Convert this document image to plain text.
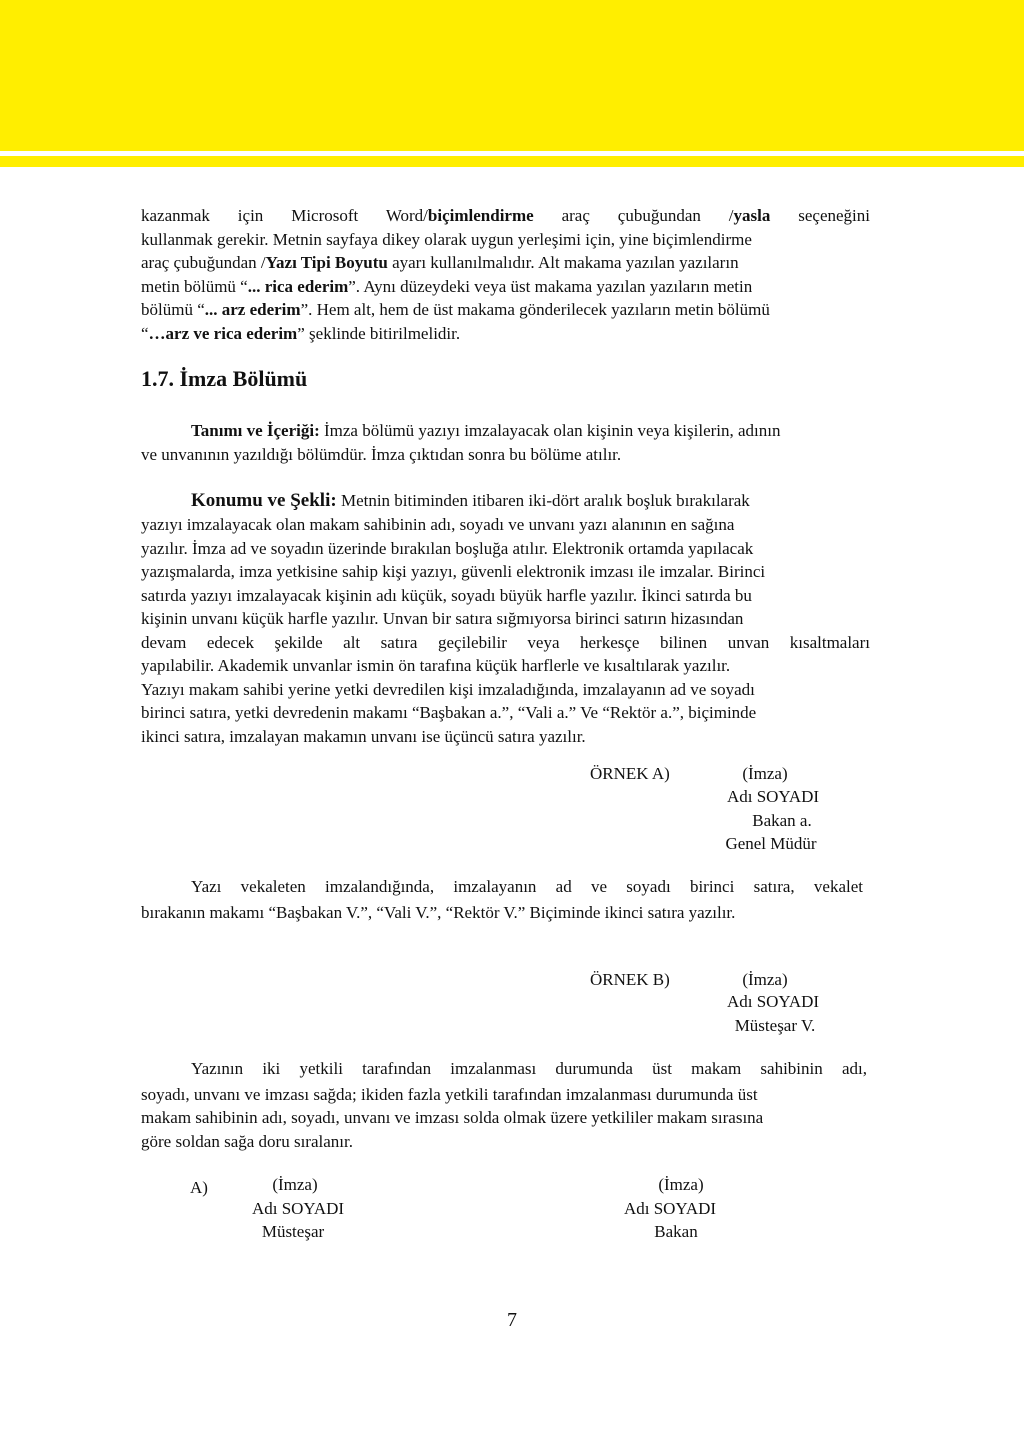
kazanmak için Microsoft Word/biçimlendirme araç çubuğundan /yasla seçeneğini

kullanmak gerekir. Metnin sayfaya dikey olarak uygun yerleşimi için, yine biçimlendirme

araç çubuğundan /Yazı Tipi Boyutu ayarı kullanılmalıdır. Alt makama yazılan yazıların

metin bölümü “... rica ederim”. Aynı düzeydeki veya üst makama yazılan yazıların metin

bölümü “... arz ederim”. Hem alt, hem de üst makama gönderilecek yazıların metin bölümü

“…arz ve rica ederim” şeklinde bitirilmelidir.

1.7. İmza Bölümü

Tanımı ve İçeriği: İmza bölümü yazıyı imzalayacak olan kişinin veya kişilerin, adının

ve unvanının yazıldığı bölümdür. İmza çıktıdan sonra bu bölüme atılır.

Konumu ve Şekli: Metnin bitiminden itibaren iki-dört aralık boşluk bırakılarak

yazıyı imzalayacak olan makam sahibinin adı, soyadı ve unvanı yazı alanının en sağına

yazılır. İmza ad ve soyadın üzerinde bırakılan boşluğa atılır. Elektronik ortamda yapılacak

yazışmalarda, imza yetkisine sahip kişi yazıyı, güvenli elektronik imzası ile imzalar. Birinci

satırda yazıyı imzalayacak kişinin adı küçük, soyadı büyük harfle yazılır. İkinci satırda bu

kişinin unvanı küçük harfle yazılır. Unvan bir satıra sığmıyorsa birinci satırın hizasından

devam edecek şekilde alt satıra geçilebilir veya herkesçe bilinen unvan kısaltmaları

yapılabilir. Akademik unvanlar ismin ön tarafına küçük harflerle ve kısaltılarak yazılır.

Yazıyı makam sahibi yerine yetki devredilen kişi imzaladığında, imzalayanın ad ve soyadı

birinci satıra, yetki devredenin makamı “Başbakan a.”, “Vali a.” Ve “Rektör a.”, biçiminde

ikinci satıra, imzalayan makamın unvanı ise üçüncü satıra yazılır.

ÖRNEK A)	(İmza)
Adı SOYADI
Bakan a.
Genel Müdür

Yazı vekaleten imzalandığında, imzalayanın ad ve soyadı birinci satıra, vekalet

bırakanın makamı “Başbakan V.”, “Vali V.”, “Rektör V.” Biçiminde ikinci satıra yazılır.

ÖRNEK B)	(İmza)
Adı SOYADI
Müsteşar V.

Yazının iki yetkili tarafından imzalanması durumunda üst makam sahibinin adı,

soyadı, unvanı ve imzası sağda; ikiden fazla yetkili tarafından imzalanması durumunda üst

makam sahibinin adı, soyadı, unvanı ve imzası solda olmak üzere yetkililer makam sırasına

göre soldan sağa doru sıralanır.

A)	(İmza)
Adı SOYADI
Müsteşar
(İmza)
Adı SOYADI
Bakan
7
